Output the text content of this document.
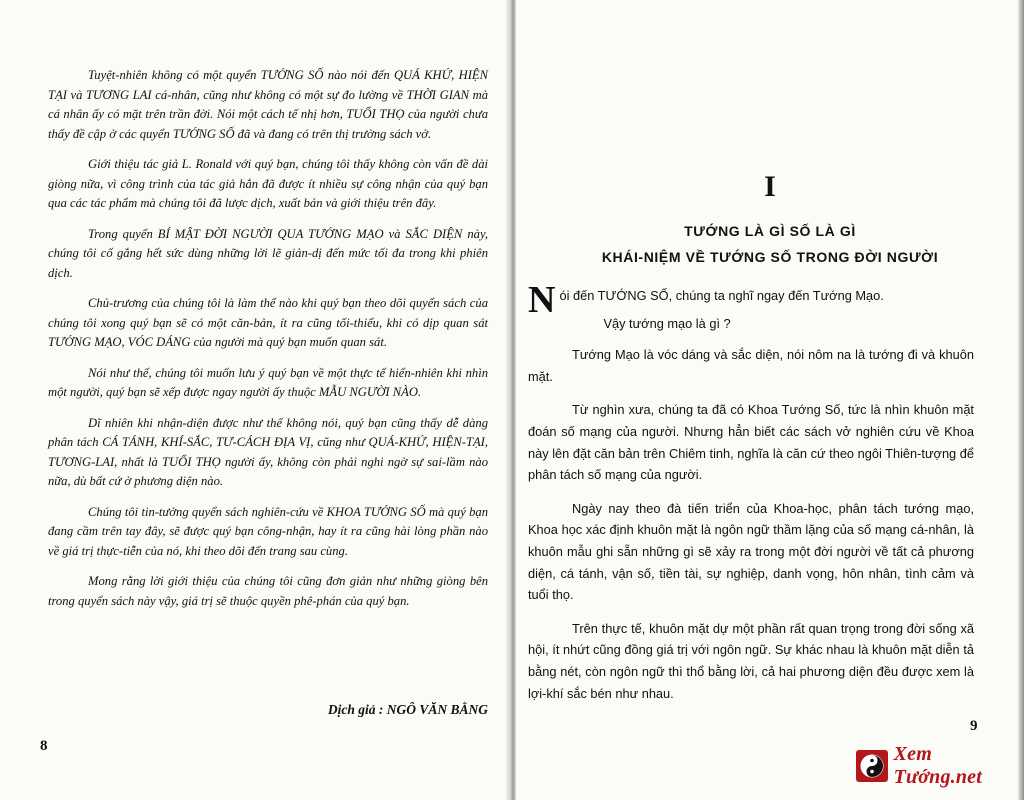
Tuyệt-nhiên không có một quyển TƯỚNG SỐ nào nói đến QUÁ KHỨ, HIỆN TẠI và TƯƠNG LAI cá-nhân, cũng như không có một sự đo lường về THỜI GIAN mà cá nhân ấy có mặt trên trần đời. Nói một cách tế nhị hơn, TUỔI THỌ của người chưa thấy đề cập ở các quyển TƯỚNG SỐ đã và đang có trên thị trường sách vở.

Giới thiệu tác giả L. Ronald với quý bạn, chúng tôi thấy không còn vấn đề dài giòng nữa, vì công trình của tác giả hẳn đã được ít nhiều sự công nhận của quý bạn qua các tác phẩm mà chúng tôi đã lược dịch, xuất bản và giới thiệu trên đây.

Trong quyển BÍ MẬT ĐỜI NGƯỜI QUA TƯỚNG MẠO và SẮC DIỆN này, chúng tôi cố gắng hết sức dùng những lời lẽ giản-dị đến mức tối đa trong khi phiên dịch.

Chủ-trương của chúng tôi là làm thế nào khi quý bạn theo dõi quyển sách của chúng tôi xong quý bạn sẽ có một căn-bản, ít ra cũng tối-thiểu, khi có dịp quan sát TƯỚNG MẠO, VÓC DÁNG của người mà quý bạn muốn quan sát.

Nói như thế, chúng tôi muốn lưu ý quý bạn về một thực tế hiển-nhiên khi nhìn một người, quý bạn sẽ xếp được ngay người ấy thuộc MẪU NGƯỜI NÀO.

Dĩ nhiên khi nhận-diện được như thế không nói, quý bạn cũng thấy dễ dàng phân tách CÁ TÁNH, KHÍ-SẮC, TƯ-CÁCH ĐỊA VỊ, cũng như QUÁ-KHỨ, HIỆN-TẠI, TƯƠNG-LAI, nhất là TUỔI THỌ người ấy, không còn phải nghi ngờ sự sai-lầm nào nữa, dù bất cứ ở phương diện nào.

Chúng tôi tin-tưởng quyển sách nghiên-cứu về KHOA TƯỚNG SỐ mà quý bạn đang cầm trên tay đây, sẽ được quý bạn công-nhận, hay ít ra cũng hài lòng phần nào về giá trị thực-tiễn của nó, khi theo dõi đến trang sau cùng.

Mong rằng lời giới thiệu của chúng tôi cũng đơn giản như những giòng bên trong quyển sách này vậy, giá trị sẽ thuộc quyền phê-phán của quý bạn.

Dịch giả : NGÔ VĂN BẰNG
8
I
TƯỚNG LÀ GÌ SỐ LÀ GÌ
KHÁI-NIỆM VỀ TƯỚNG SỐ TRONG ĐỜI NGƯỜI

Nói đến TƯỚNG SỐ, chúng ta nghĩ ngay đến Tướng Mạo.

Vậy tướng mạo là gì ?

Tướng Mạo là vóc dáng và sắc diện, nói nôm na là tướng đi và khuôn mặt.

Từ nghìn xưa, chúng ta đã có Khoa Tướng Số, tức là nhìn khuôn mặt đoán số mạng của người. Nhưng hẳn biết các sách vở nghiên cứu về Khoa này lên đặt căn bản trên Chiêm tinh, nghĩa là căn cứ theo ngôi Thiên-tượng để phân tách số mạng của người.

Ngày nay theo đà tiến triển của Khoa-học, phân tách tướng mạo, Khoa học xác định khuôn mặt là ngôn ngữ thầm lặng của số mạng cá-nhân, là khuôn mẫu ghi sẵn những gì sẽ xảy ra trong một đời người về tất cả phương diện, cá tánh, vận số, tiền tài, sự nghiệp, danh vọng, hôn nhân, tình cảm và tuổi thọ.

Trên thực tế, khuôn mặt dự một phần rất quan trọng trong đời sống xã hội, ít nhứt cũng đồng giá trị với ngôn ngữ. Sự khác nhau là khuôn mặt diễn tả bằng nét, còn ngôn ngữ thì thổ bằng lời, cả hai phương diện đều được xem là lợi-khí sắc bén như nhau.

9
Xem Tướng.net
